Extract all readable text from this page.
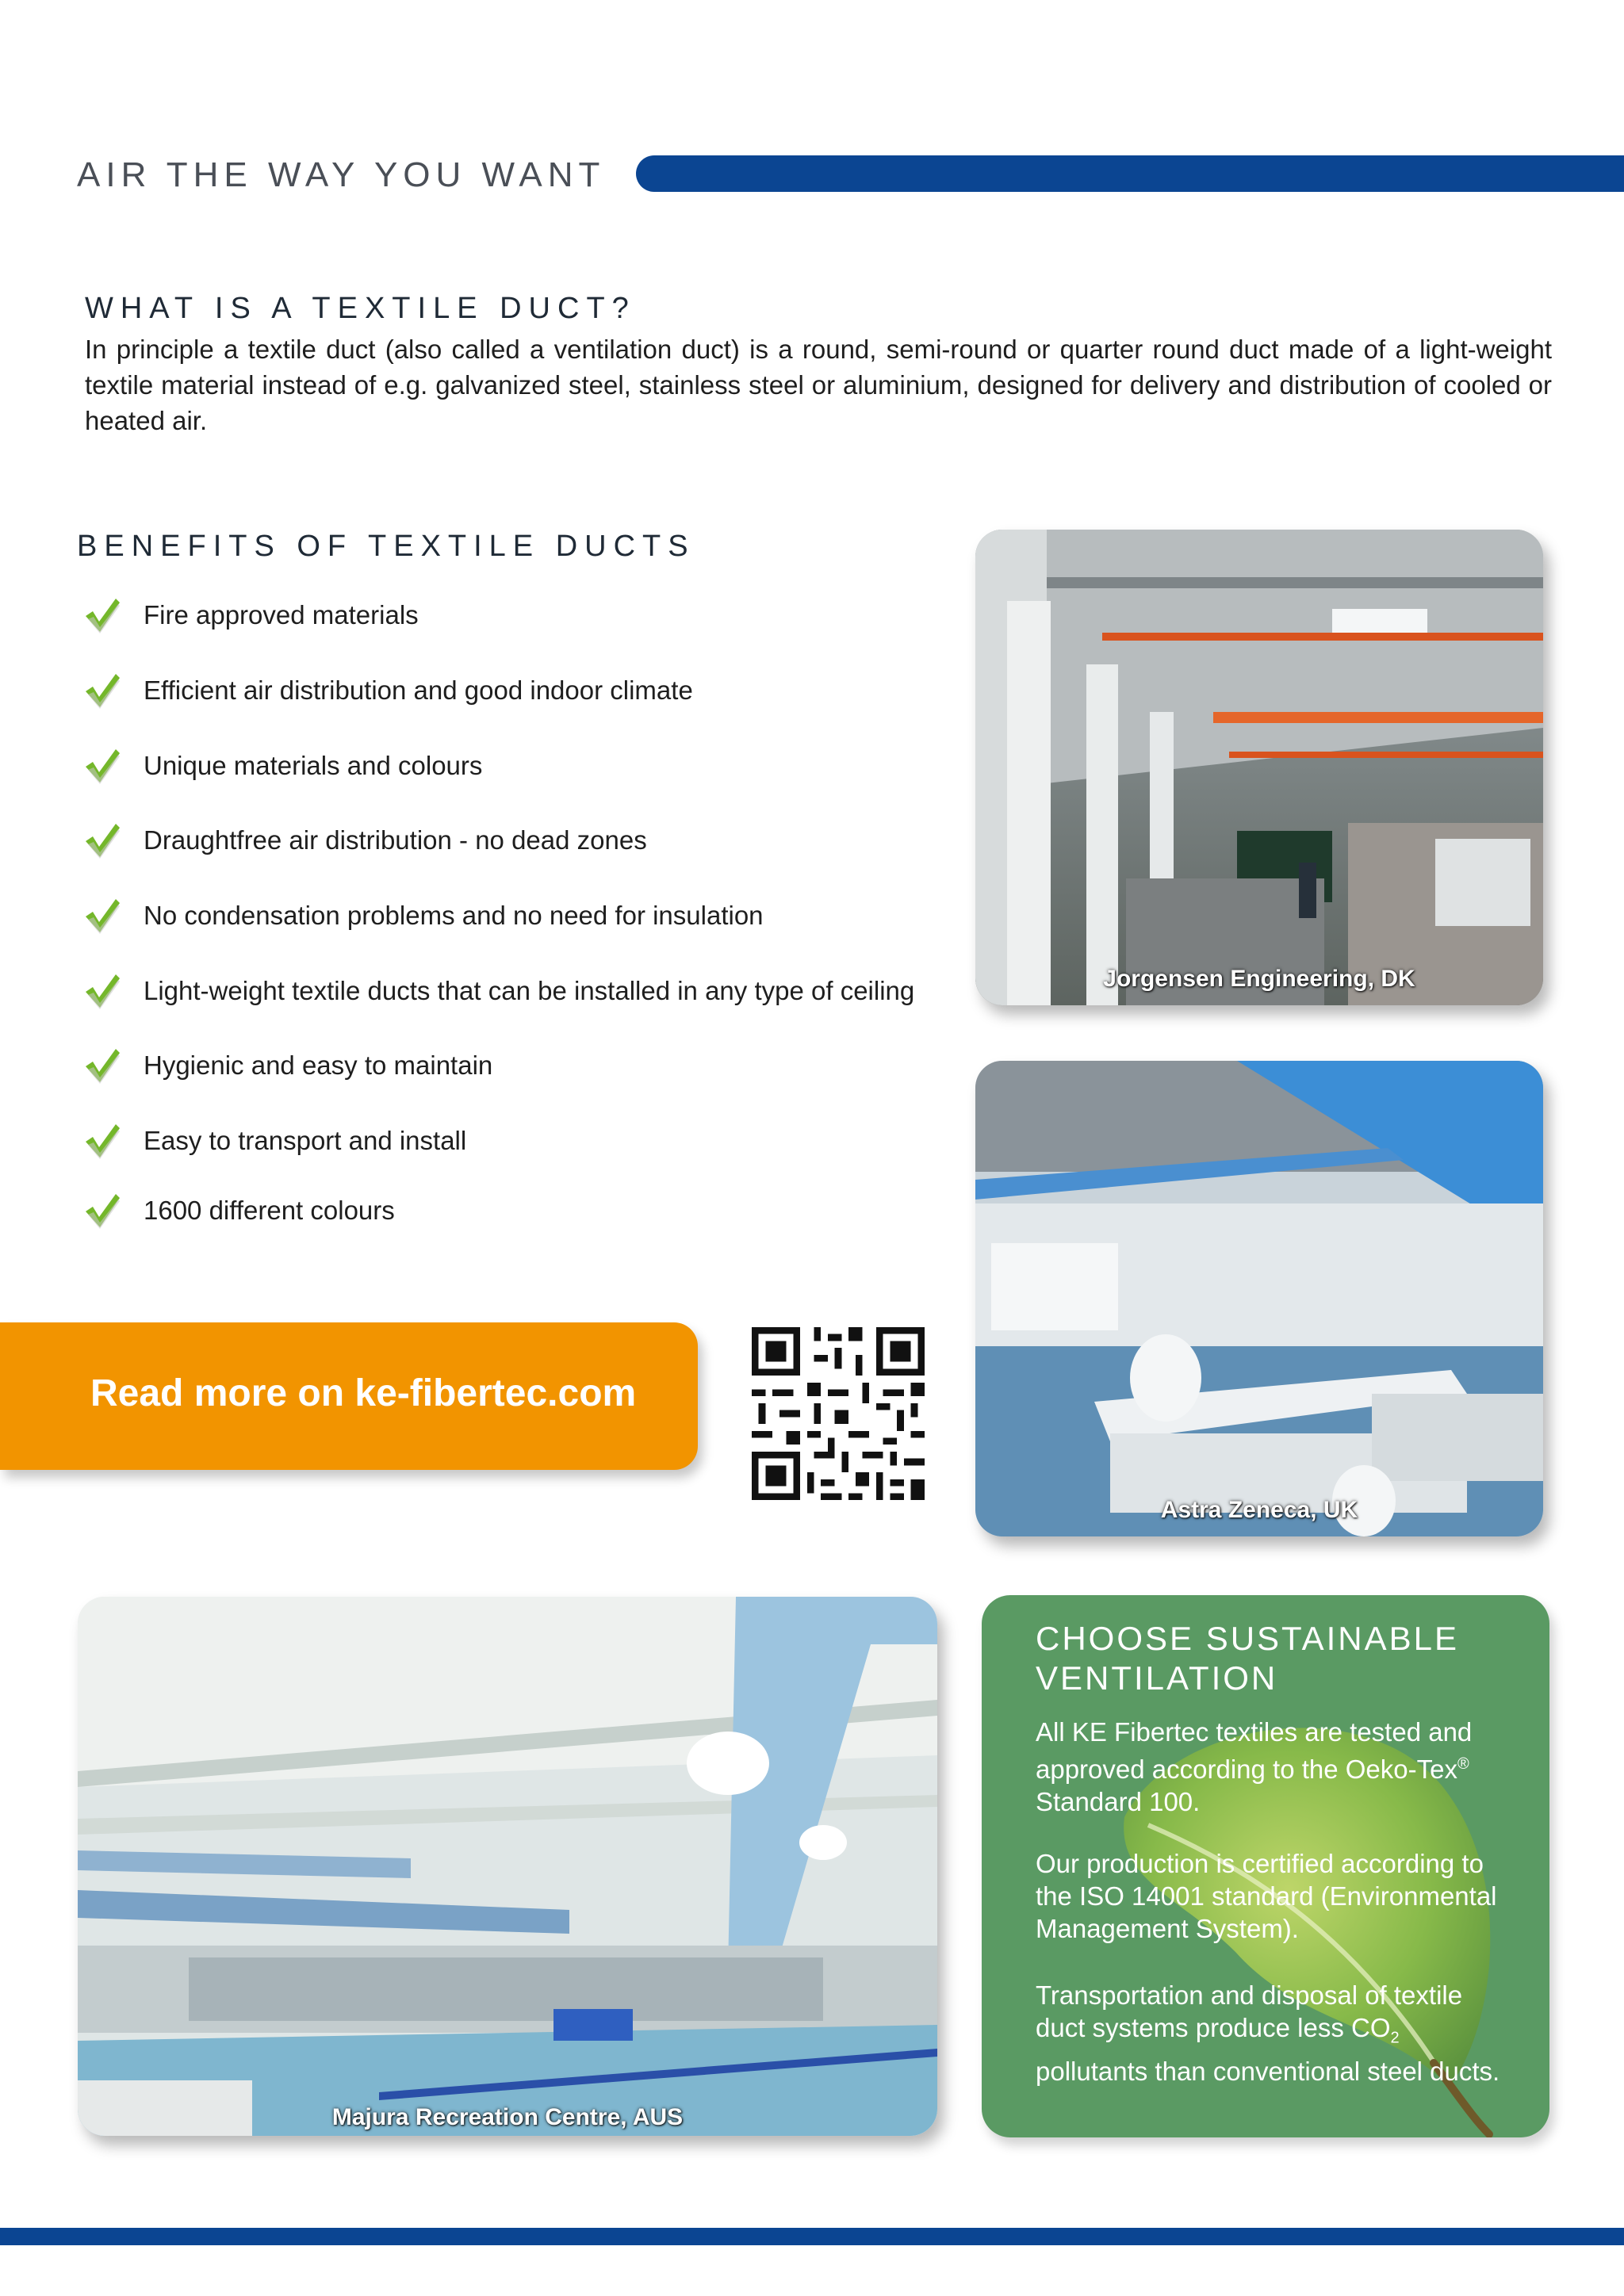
AIR THE WAY YOU WANT
WHAT IS A TEXTILE DUCT?
In principle a textile duct (also called a ventilation duct) is a round, semi-round or quarter round duct made of a light-weight textile material instead of e.g. galvanized steel, stainless steel or aluminium, designed for delivery and distribution of cooled or heated air.
BENEFITS OF TEXTILE DUCTS
Fire approved materials
Efficient air distribution and good indoor climate
Unique materials and colours
Draughtfree air distribution - no dead zones
No condensation problems and no need for insulation
Light-weight textile ducts that can be installed in any type of ceiling
Hygienic and easy to maintain
Easy to transport and install
1600 different colours
Jorgensen Engineering, DK
Astra Zeneca, UK
Read more on ke-fibertec.com
Majura Recreation Centre, AUS
CHOOSE SUSTAINABLE VENTILATION
All KE Fibertec textiles are tested and approved according to the Oeko-Tex® Standard 100.
Our production is certified according to the ISO 14001 standard (Environmental Management System).
Transportation and disposal of textile duct systems produce less $CO_2$ pollutants than conventional steel ducts.
